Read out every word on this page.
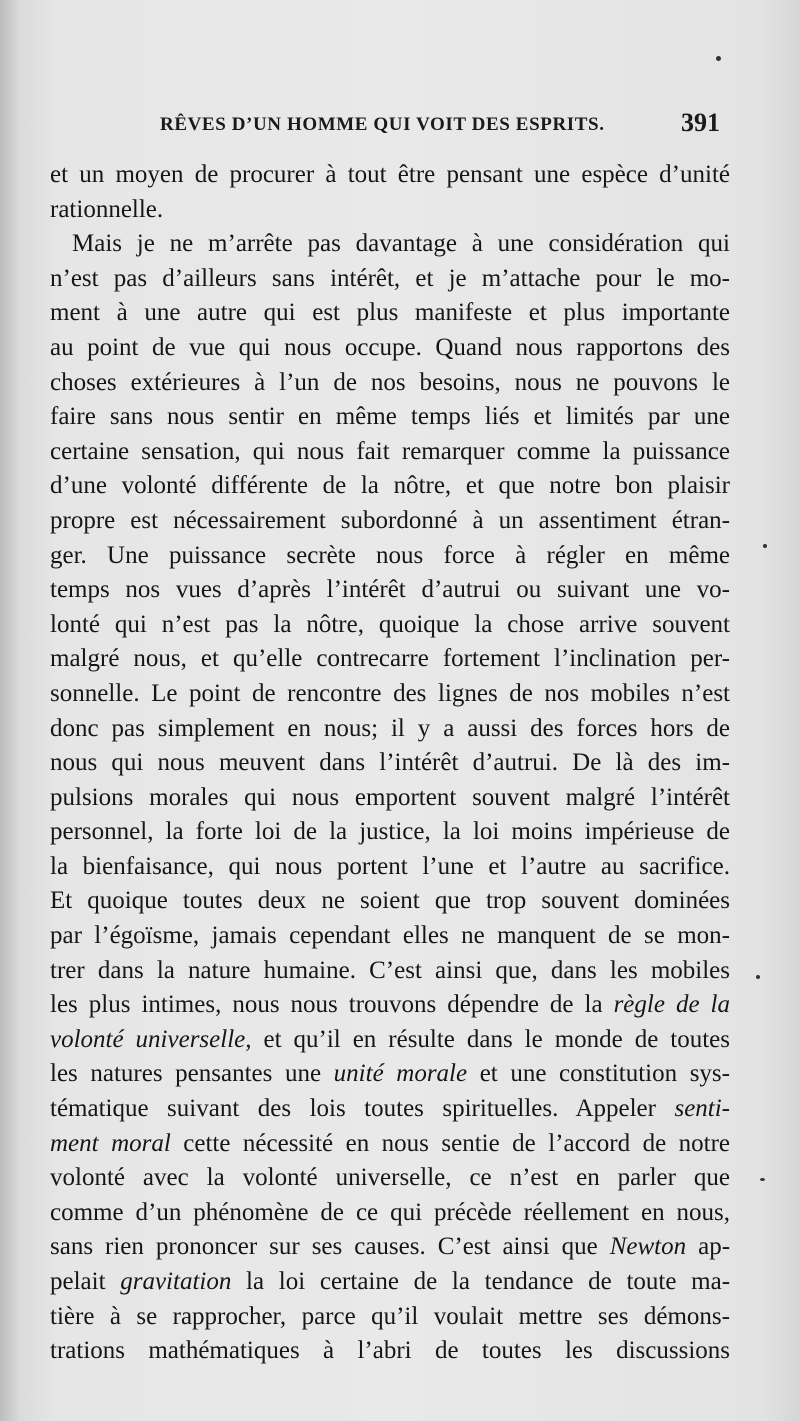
RÊVES D’UN HOMME QUI VOIT DES ESPRITS.	391
et un moyen de procurer à tout être pensant une espèce d’unité
rationnelle.
Mais je ne m’arrête pas davantage à une considération qui
n’est pas d’ailleurs sans intérêt, et je m’attache pour le mo-
ment à une autre qui est plus manifeste et plus importante
au point de vue qui nous occupe. Quand nous rapportons des
choses extérieures à l’un de nos besoins, nous ne pouvons le
faire sans nous sentir en même temps liés et limités par une
certaine sensation, qui nous fait remarquer comme la puissance
d’une volonté différente de la nôtre, et que notre bon plaisir
propre est nécessairement subordonné à un assentiment étran-
ger. Une puissance secrète nous force à régler en même
temps nos vues d’après l’intérêt d’autrui ou suivant une vo-
lonté qui n’est pas la nôtre, quoique la chose arrive souvent
malgré nous, et qu’elle contrecarre fortement l’inclination per-
sonnelle. Le point de rencontre des lignes de nos mobiles n’est
donc pas simplement en nous; il y a aussi des forces hors de
nous qui nous meuvent dans l’intérêt d’autrui. De là des im-
pulsions morales qui nous emportent souvent malgré l’intérêt
personnel, la forte loi de la justice, la loi moins impérieuse de
la bienfaisance, qui nous portent l’une et l’autre au sacrifice.
Et quoique toutes deux ne soient que trop souvent dominées
par l’égoïsme, jamais cependant elles ne manquent de se mon-
trer dans la nature humaine. C’est ainsi que, dans les mobiles
les plus intimes, nous nous trouvons dépendre de la règle de la
volonté universelle, et qu’il en résulte dans le monde de toutes
les natures pensantes une unité morale et une constitution sys-
tématique suivant des lois toutes spirituelles. Appeler senti-
ment moral cette nécessité en nous sentie de l’accord de notre
volonté avec la volonté universelle, ce n’est en parler que
comme d’un phénomène de ce qui précède réellement en nous,
sans rien prononcer sur ses causes. C’est ainsi que Newton ap-
pelait gravitation la loi certaine de la tendance de toute ma-
tière à se rapprocher, parce qu’il voulait mettre ses démons-
trations mathématiques à l’abri de toutes les discussions
